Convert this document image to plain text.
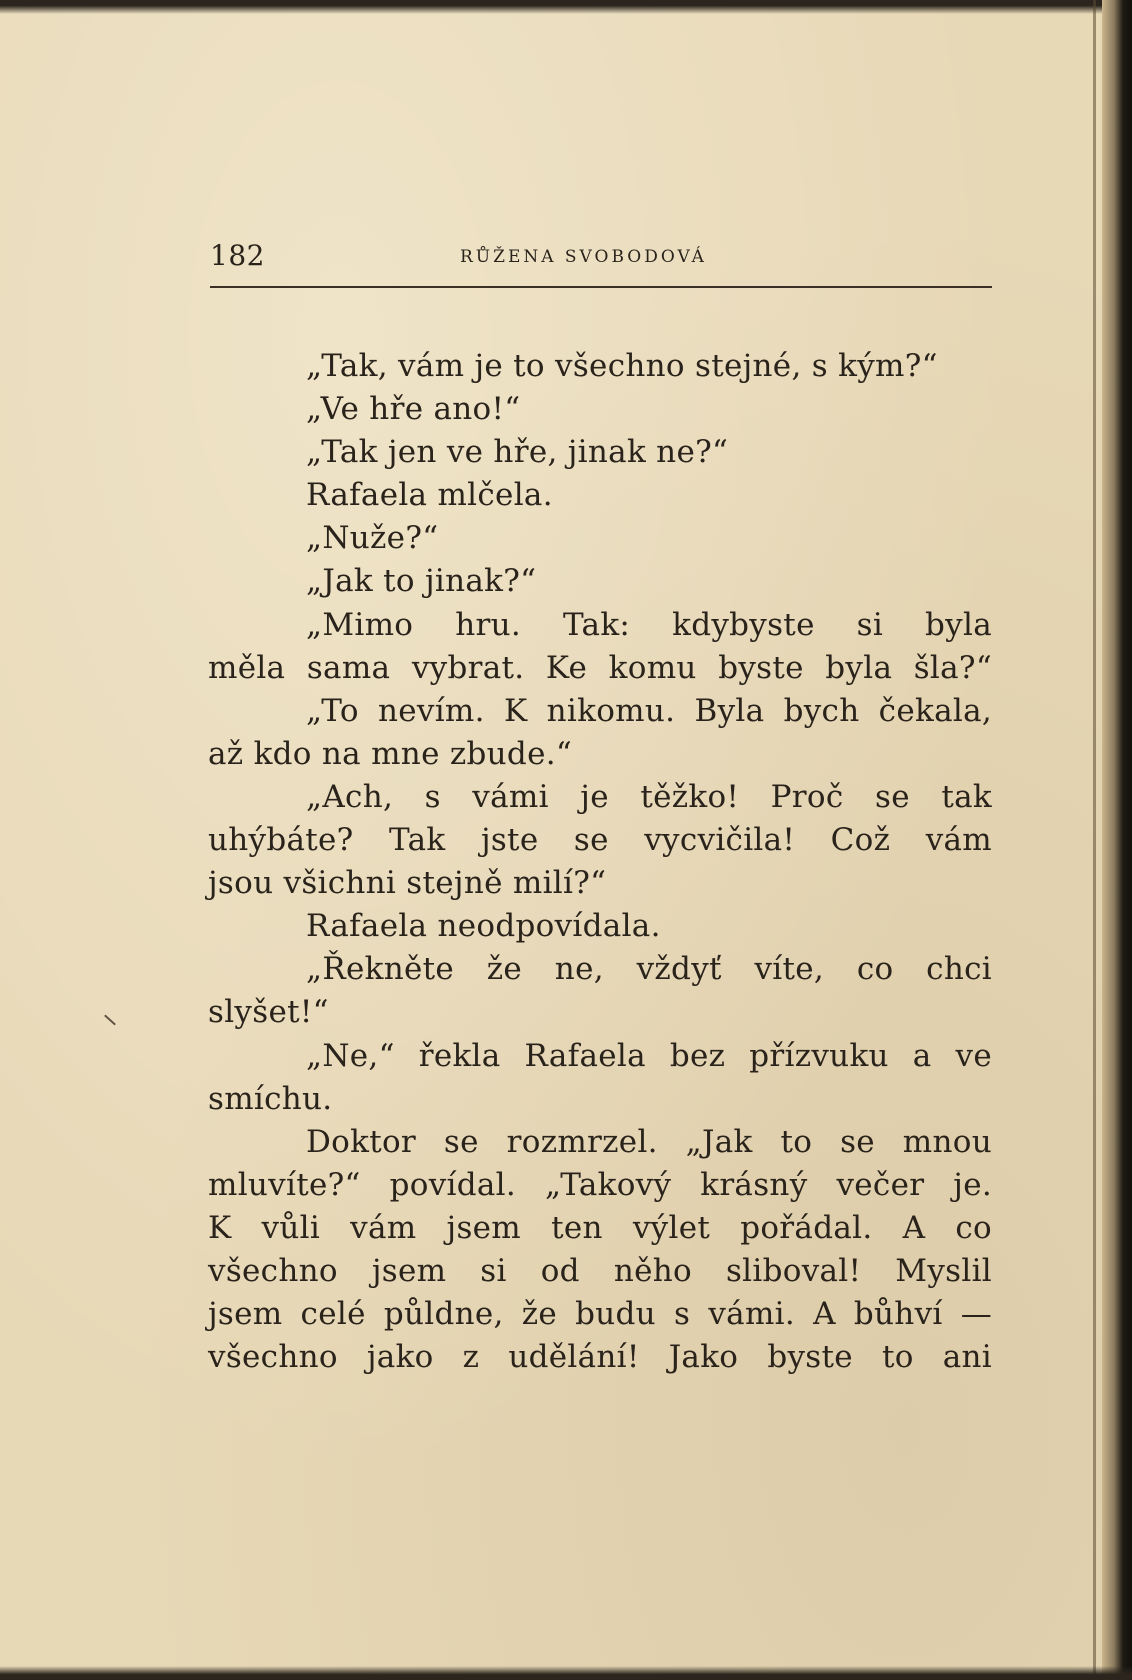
182	RŮŽENA SVOBODOVÁ
„Tak, vám je to všechno stejné, s kým?“
„Ve hře ano!“
„Tak jen ve hře, jinak ne?“
Rafaela mlčela.
„Nuže?“
„Jak to jinak?“
„Mimo hru. Tak: kdybyste si byla
měla sama vybrat. Ke komu byste byla šla?“
„To nevím. K nikomu. Byla bych čekala,
až kdo na mne zbude.“
„Ach, s vámi je těžko! Proč se tak
uhýbáte? Tak jste se vycvičila! Což vám
jsou všichni stejně milí?“
Rafaela neodpovídala.
„Řekněte že ne, vždyť víte, co chci
slyšet!“
„Ne,“ řekla Rafaela bez přízvuku a ve
smíchu.
Doktor se rozmrzel. „Jak to se mnou
mluvíte?“ povídal. „Takový krásný večer je.
K vůli vám jsem ten výlet pořádal. A co
všechno jsem si od něho sliboval! Myslil
jsem celé půldne, že budu s vámi. A bůhví —
všechno jako z udělání! Jako byste to ani
